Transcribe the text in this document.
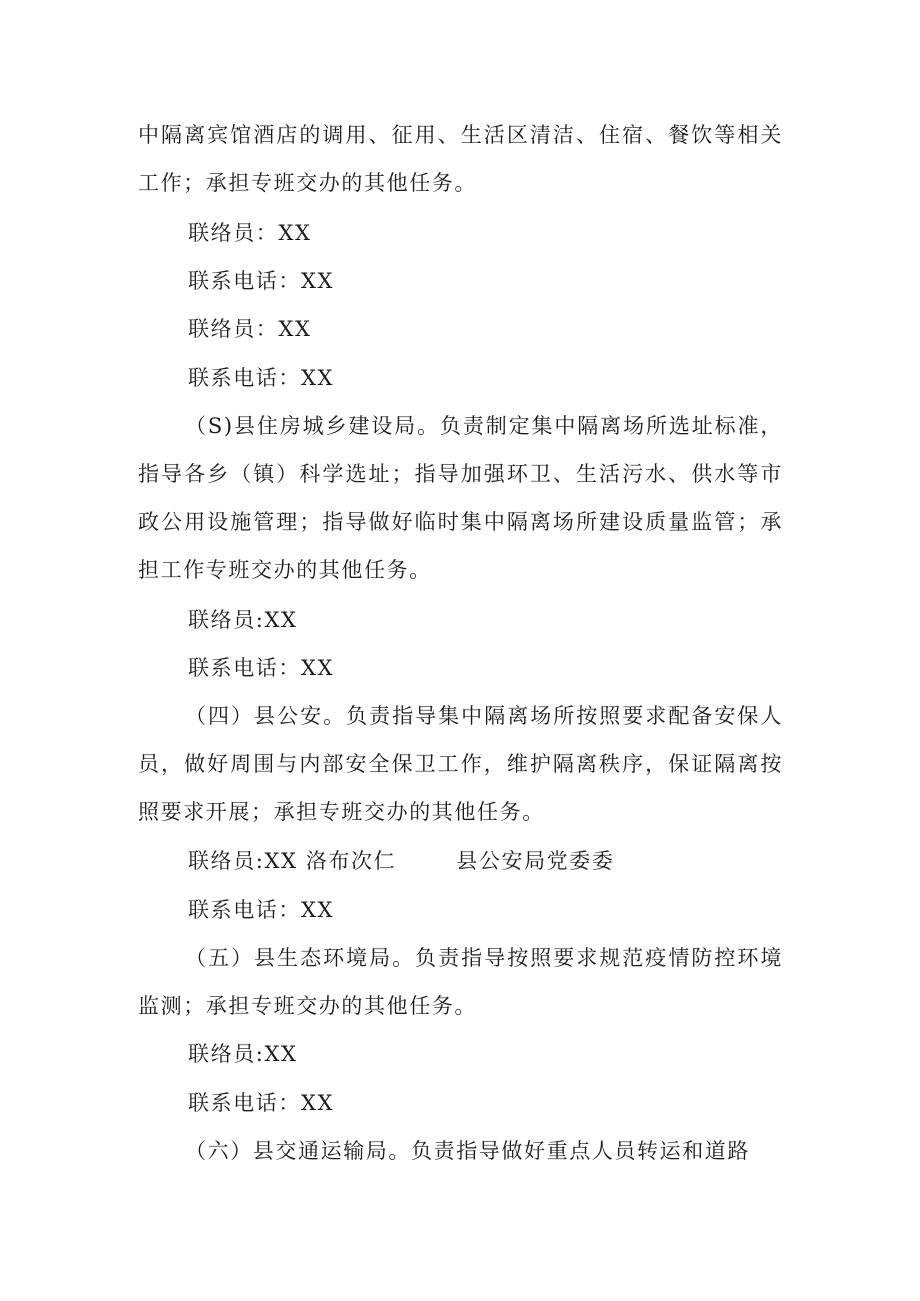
中隔离宾馆酒店的调用、征用、生活区清洁、住宿、餐饮等相关工作；承担专班交办的其他任务。

联络员：XX

联系电话：XX

联络员：XX

联系电话：XX

（S)县住房城乡建设局。负责制定集中隔离场所选址标准，指导各乡（镇）科学选址；指导加强环卫、生活污水、供水等市政公用设施管理；指导做好临时集中隔离场所建设质量监管；承担工作专班交办的其他任务。

联络员:XX

联系电话：XX

（四）县公安。负责指导集中隔离场所按照要求配备安保人员，做好周围与内部安全保卫工作，维护隔离秩序，保证隔离按照要求开展；承担专班交办的其他任务。

联络员:XX 洛布次仁	县公安局党委委

联系电话：XX

（五）县生态环境局。负责指导按照要求规范疫情防控环境监测；承担专班交办的其他任务。

联络员:XX

联系电话：XX

（六）县交通运输局。负责指导做好重点人员转运和道路
